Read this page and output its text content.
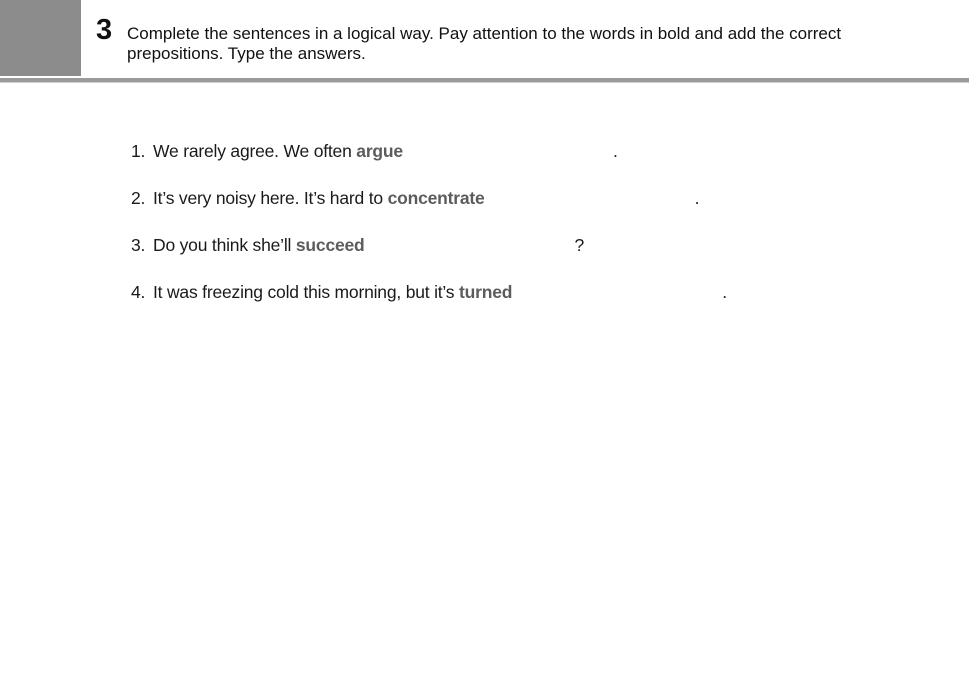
3 Complete the sentences in a logical way. Pay attention to the words in bold and add the correct prepositions. Type the answers.
1. We rarely agree. We often argue	.
2. It’s very noisy here. It’s hard to concentrate	.
3. Do you think she’ll succeed	?
4. It was freezing cold this morning, but it’s turned	.
